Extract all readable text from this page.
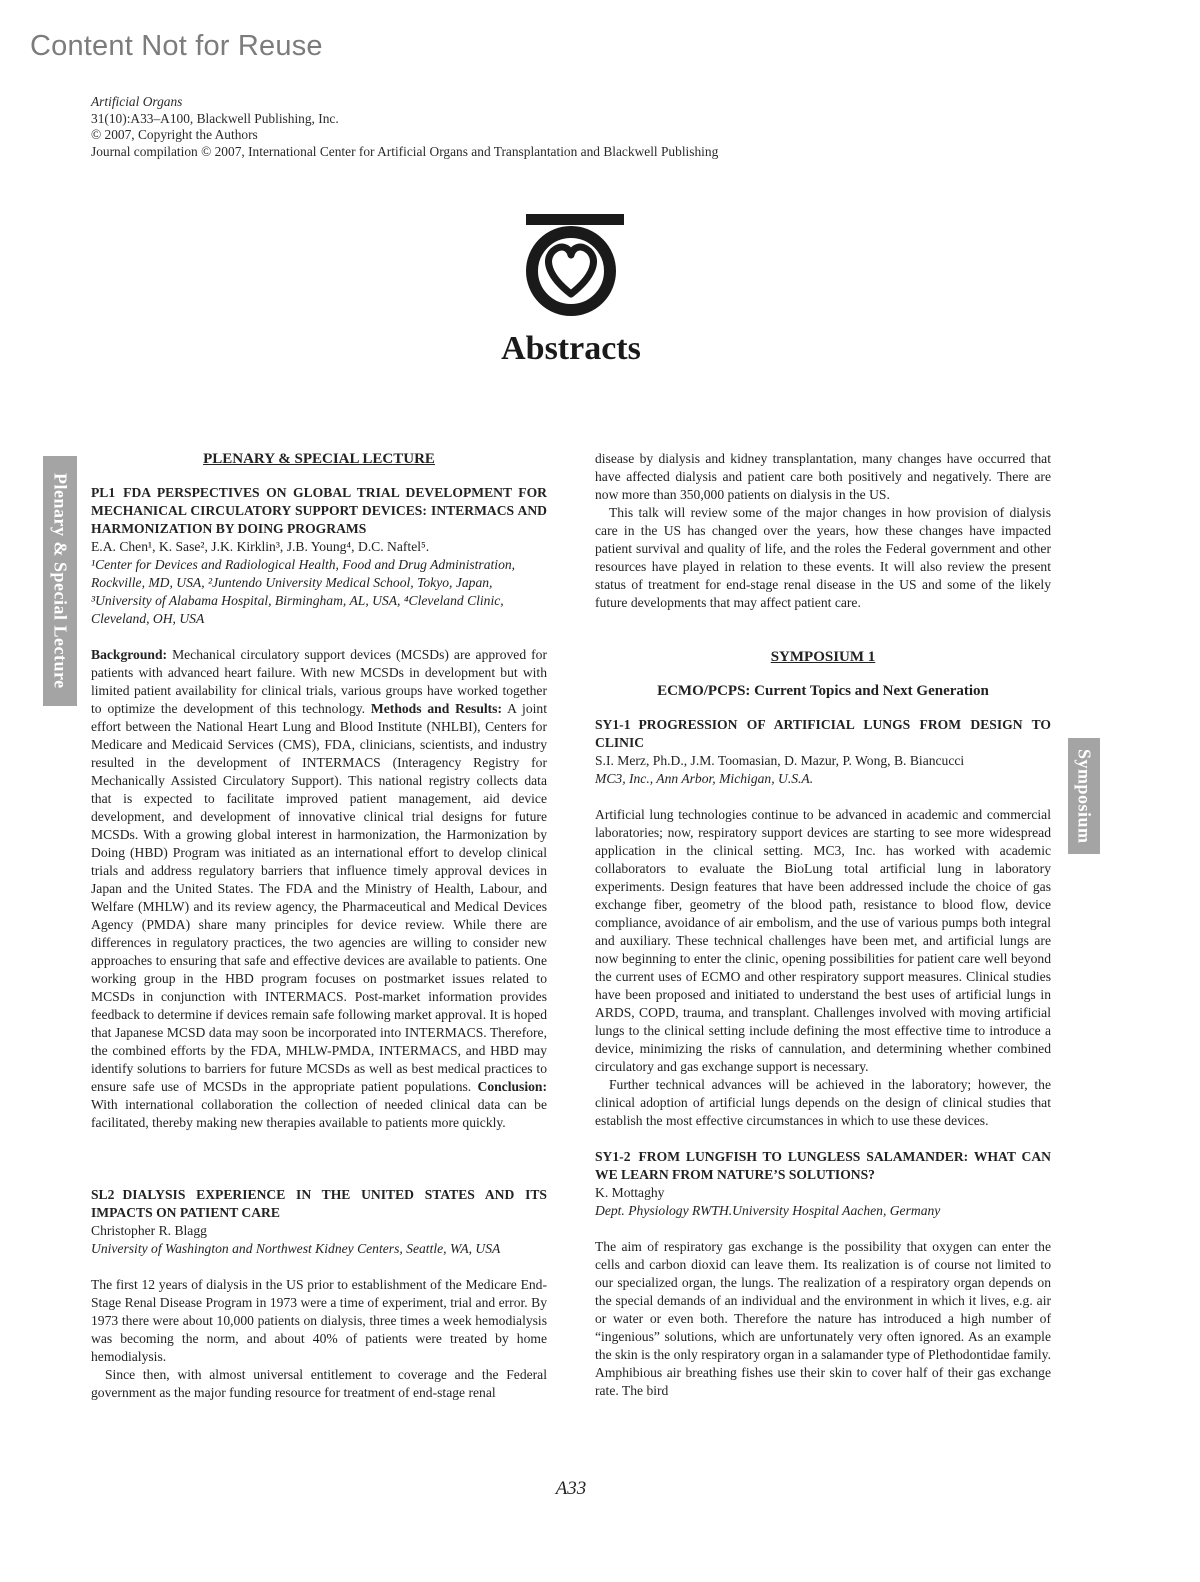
Content Not for Reuse
Artificial Organs
31(10):A33–A100, Blackwell Publishing, Inc.
© 2007, Copyright the Authors
Journal compilation © 2007, International Center for Artificial Organs and Transplantation and Blackwell Publishing
Abstracts
Plenary & Special Lecture
Symposium
PLENARY & SPECIAL LECTURE

PL1 FDA PERSPECTIVES ON GLOBAL TRIAL DEVELOPMENT FOR MECHANICAL CIRCULATORY SUPPORT DEVICES: INTERMACS AND HARMONIZATION BY DOING PROGRAMS

E.A. Chen¹, K. Sase², J.K. Kirklin³, J.B. Young⁴, D.C. Naftel⁵.

¹Center for Devices and Radiological Health, Food and Drug Administration, Rockville, MD, USA, ²Juntendo University Medical School, Tokyo, Japan, ³University of Alabama Hospital, Birmingham, AL, USA, ⁴Cleveland Clinic, Cleveland, OH, USA

Background: Mechanical circulatory support devices (MCSDs) are approved for patients with advanced heart failure. With new MCSDs in development but with limited patient availability for clinical trials, various groups have worked together to optimize the development of this technology. Methods and Results: A joint effort between the National Heart Lung and Blood Institute (NHLBI), Centers for Medicare and Medicaid Services (CMS), FDA, clinicians, scientists, and industry resulted in the development of INTERMACS (Interagency Registry for Mechanically Assisted Circulatory Support). This national registry collects data that is expected to facilitate improved patient management, aid device development, and development of innovative clinical trial designs for future MCSDs. With a growing global interest in harmonization, the Harmonization by Doing (HBD) Program was initiated as an international effort to develop clinical trials and address regulatory barriers that influence timely approval devices in Japan and the United States. The FDA and the Ministry of Health, Labour, and Welfare (MHLW) and its review agency, the Pharmaceutical and Medical Devices Agency (PMDA) share many principles for device review. While there are differences in regulatory practices, the two agencies are willing to consider new approaches to ensuring that safe and effective devices are available to patients. One working group in the HBD program focuses on postmarket issues related to MCSDs in conjunction with INTERMACS. Post-market information provides feedback to determine if devices remain safe following market approval. It is hoped that Japanese MCSD data may soon be incorporated into INTERMACS. Therefore, the combined efforts by the FDA, MHLW-PMDA, INTERMACS, and HBD may identify solutions to barriers for future MCSDs as well as best medical practices to ensure safe use of MCSDs in the appropriate patient populations. Conclusion: With international collaboration the collection of needed clinical data can be facilitated, thereby making new therapies available to patients more quickly.

SL2 DIALYSIS EXPERIENCE IN THE UNITED STATES AND ITS IMPACTS ON PATIENT CARE

Christopher R. Blagg

University of Washington and Northwest Kidney Centers, Seattle, WA, USA

The first 12 years of dialysis in the US prior to establishment of the Medicare End-Stage Renal Disease Program in 1973 were a time of experiment, trial and error. By 1973 there were about 10,000 patients on dialysis, three times a week hemodialysis was becoming the norm, and about 40% of patients were treated by home hemodialysis.

Since then, with almost universal entitlement to coverage and the Federal government as the major funding resource for treatment of end-stage renal

disease by dialysis and kidney transplantation, many changes have occurred that have affected dialysis and patient care both positively and negatively. There are now more than 350,000 patients on dialysis in the US.

This talk will review some of the major changes in how provision of dialysis care in the US has changed over the years, how these changes have impacted patient survival and quality of life, and the roles the Federal government and other resources have played in relation to these events. It will also review the present status of treatment for end-stage renal disease in the US and some of the likely future developments that may affect patient care.

SYMPOSIUM 1
ECMO/PCPS: Current Topics and Next Generation

SY1-1 PROGRESSION OF ARTIFICIAL LUNGS FROM DESIGN TO CLINIC

S.I. Merz, Ph.D., J.M. Toomasian, D. Mazur, P. Wong, B. Biancucci

MC3, Inc., Ann Arbor, Michigan, U.S.A.

Artificial lung technologies continue to be advanced in academic and commercial laboratories; now, respiratory support devices are starting to see more widespread application in the clinical setting. MC3, Inc. has worked with academic collaborators to evaluate the BioLung total artificial lung in laboratory experiments. Design features that have been addressed include the choice of gas exchange fiber, geometry of the blood path, resistance to blood flow, device compliance, avoidance of air embolism, and the use of various pumps both integral and auxiliary. These technical challenges have been met, and artificial lungs are now beginning to enter the clinic, opening possibilities for patient care well beyond the current uses of ECMO and other respiratory support measures. Clinical studies have been proposed and initiated to understand the best uses of artificial lungs in ARDS, COPD, trauma, and transplant. Challenges involved with moving artificial lungs to the clinical setting include defining the most effective time to introduce a device, minimizing the risks of cannulation, and determining whether combined circulatory and gas exchange support is necessary.

Further technical advances will be achieved in the laboratory; however, the clinical adoption of artificial lungs depends on the design of clinical studies that establish the most effective circumstances in which to use these devices.

SY1-2 FROM LUNGFISH TO LUNGLESS SALAMANDER: WHAT CAN WE LEARN FROM NATURE’S SOLUTIONS?

K. Mottaghy

Dept. Physiology RWTH.University Hospital Aachen, Germany

The aim of respiratory gas exchange is the possibility that oxygen can enter the cells and carbon dioxid can leave them. Its realization is of course not limited to our specialized organ, the lungs. The realization of a respiratory organ depends on the special demands of an individual and the environment in which it lives, e.g. air or water or even both. Therefore the nature has introduced a high number of “ingenious” solutions, which are unfortunately very often ignored. As an example the skin is the only respiratory organ in a salamander type of Plethodontidae family. Amphibious air breathing fishes use their skin to cover half of their gas exchange rate. The bird

A33
